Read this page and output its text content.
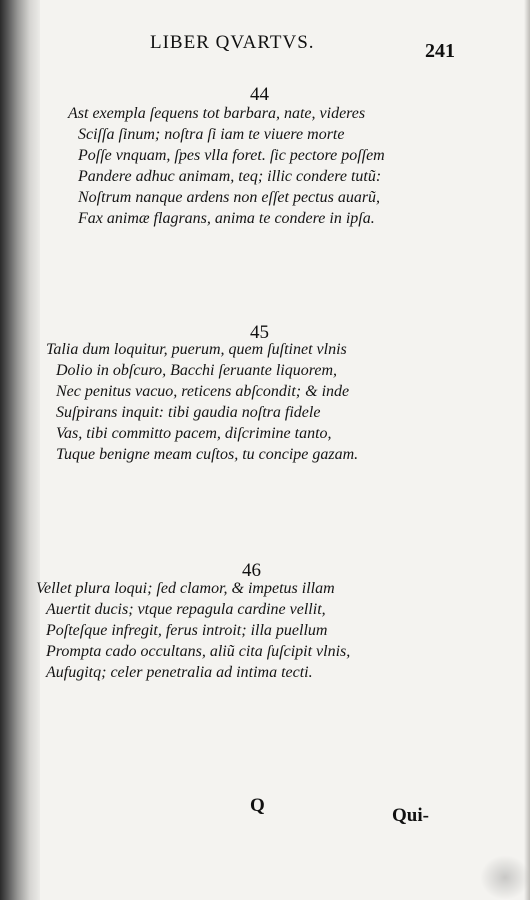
LIBER QVARTVS.	241
44
Ast exempla ſequens tot barbara, nate, videres
Sciſſa ſinum; noſtra ſi iam te viuere morte
Poſſe vnquam, ſpes vlla foret. ſic pectore poſſem
Pandere adhuc animam, teq; illic condere tutũ:
Noſtrum nanque ardens non eſſet pectus auarũ,
Fax animæ flagrans, anima te condere in ipſa.
45
Talia dum loquitur, puerum, quem ſuſtinet vlnis
Dolio in obſcuro, Bacchi ſeruante liquorem,
Nec penitus vacuo, reticens abſcondit; & inde
Suſpirans inquit: tibi gaudia noſtra fidele
Vas, tibi committo pacem, diſcrimine tanto,
Tuque benigne meam cuſtos, tu concipe gazam.
46
Vellet plura loqui; ſed clamor, & impetus illam
Auertit ducis; vtque repagula cardine vellit,
Poſteſque infregit, ferus introit; illa puellum
Prompta cado occultans, aliũ cita ſuſcipit vlnis,
Aufugitq; celer penetralia ad intima tecti.
Q	Qui-
